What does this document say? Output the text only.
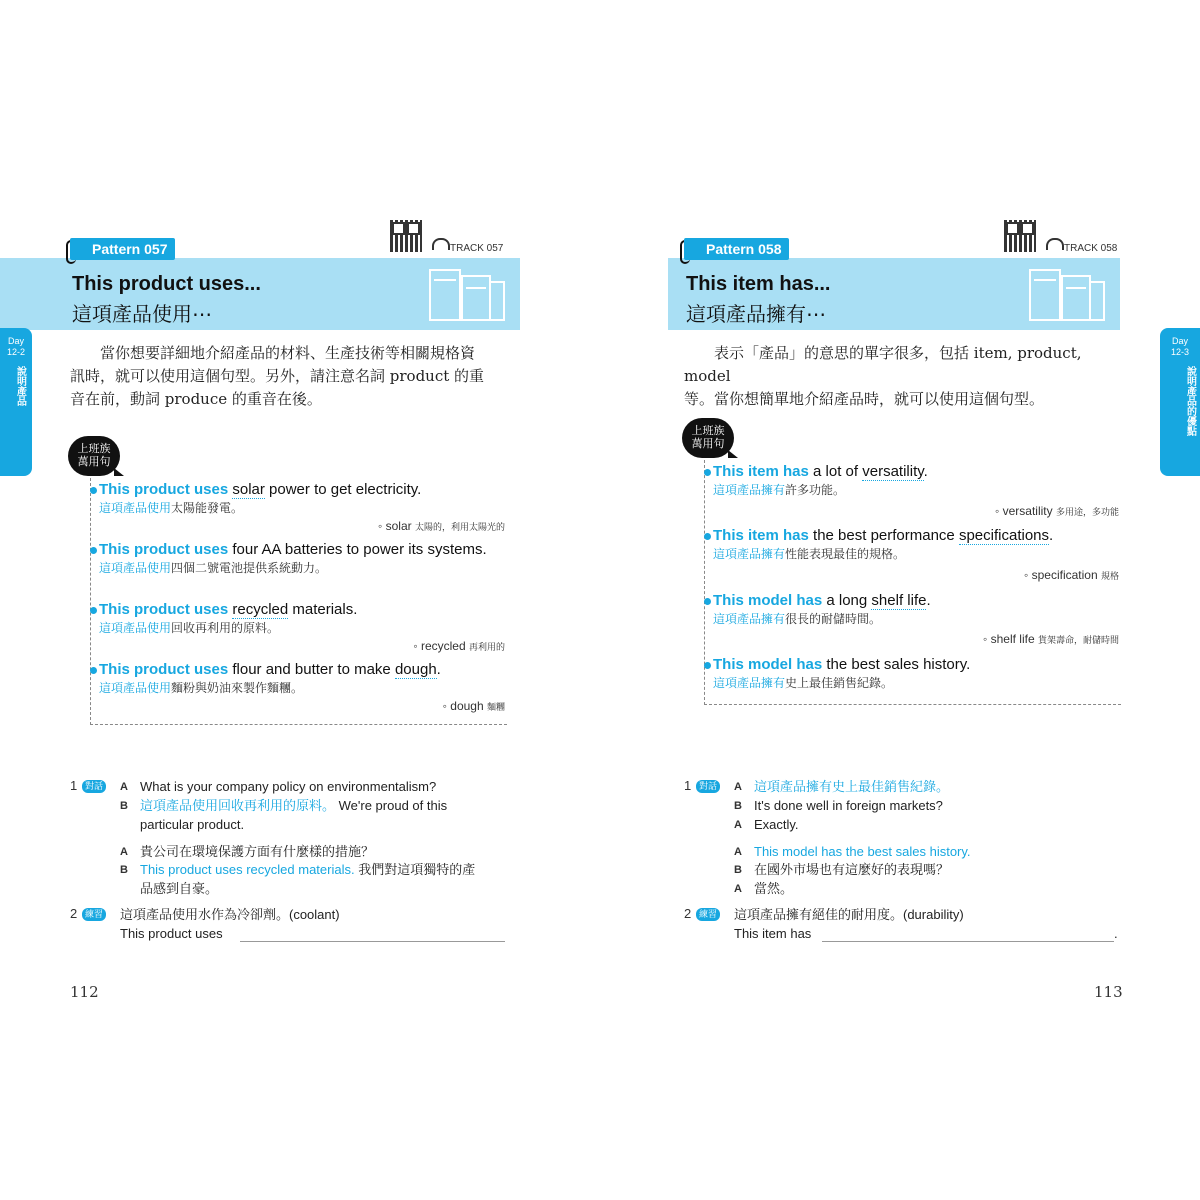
Pattern 057	TRACK 057
This product uses...
這項產品使用⋯
Day
12-2
說明產品
當你想要詳細地介紹產品的材料、生產技術等相關規格資
訊時，就可以使用這個句型。另外，請注意名詞 product 的重
音在前，動詞 produce 的重音在後。
上班族
萬用句
This product uses solar power to get electricity.
這項產品使用太陽能發電。
◦ solar 太陽的，利用太陽光的
This product uses four AA batteries to power its systems.
這項產品使用四個二號電池提供系統動力。
This product uses recycled materials.
這項產品使用回收再利用的原料。
◦ recycled 再利用的
This product uses flour and butter to make dough.
這項產品使用麵粉與奶油來製作麵糰。
◦ dough 麵糰
1 對話 A What is your company policy on environmentalism?
B 這項產品使用回收再利用的原料。 We're proud of this
particular product.
A 貴公司在環境保護方面有什麼樣的措施？
B This product uses recycled materials. 我們對這項獨特的產
品感到自豪。
2 練習 這項產品使用水作為冷卻劑。(coolant)
This product uses
112
Pattern 058	TRACK 058
This item has...
這項產品擁有⋯
Day
12-3
說明產品的優點
表示「產品」的意思的單字很多，包括 item, product, model
等。當你想簡單地介紹產品時，就可以使用這個句型。
上班族
萬用句
This item has a lot of versatility.
這項產品擁有許多功能。
◦ versatility 多用途，多功能
This item has the best performance specifications.
這項產品擁有性能表現最佳的規格。
◦ specification 規格
This model has a long shelf life.
這項產品擁有很長的耐儲時間。
◦ shelf life 貨架壽命，耐儲時間
This model has the best sales history.
這項產品擁有史上最佳銷售紀錄。
1 對話 A 這項產品擁有史上最佳銷售紀錄。
B It's done well in foreign markets?
A Exactly.
A This model has the best sales history.
B 在國外市場也有這麼好的表現嗎？
A 當然。
2 練習 這項產品擁有絕佳的耐用度。(durability)
This item has	.
113
